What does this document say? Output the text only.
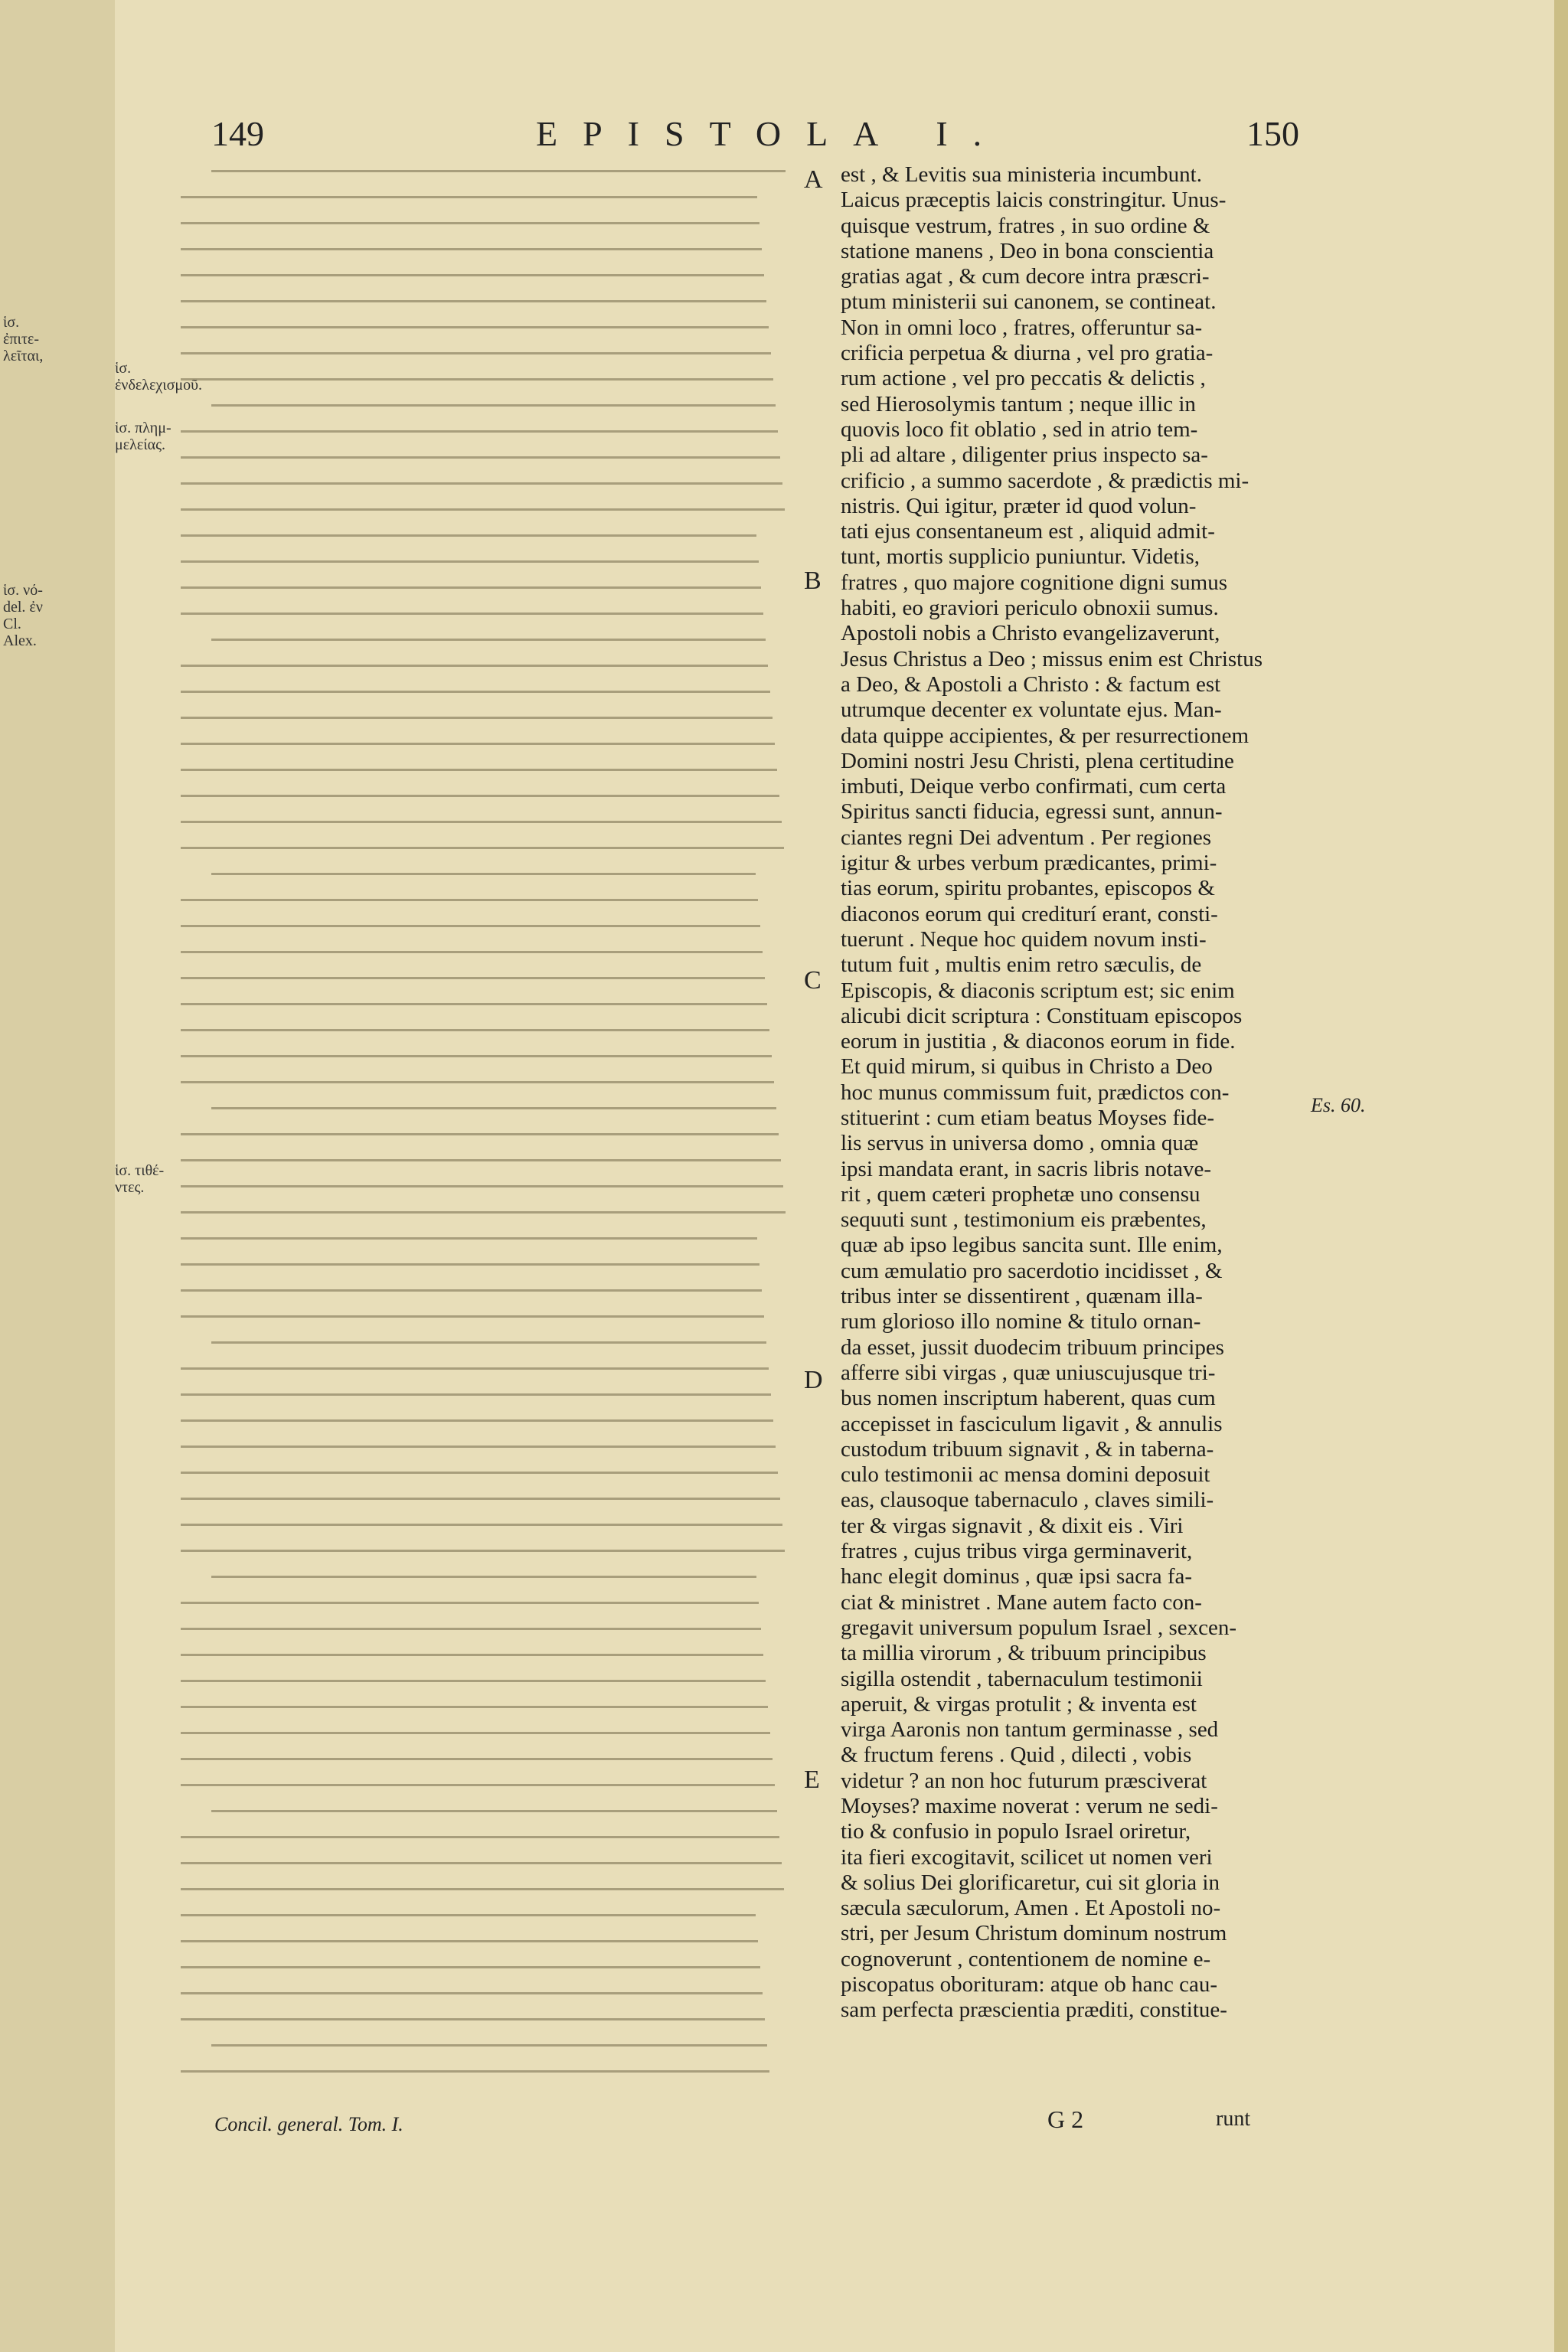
149	EPISTOLA I.	150
ἱσ. ἐνδελεχισμοῦ.
ἱσ. πλημ-μελείας.
ἱσ. τιθέ-ντες.
ἱσ. ἐπιτε-λεῖται,
ἱσ. νό-del. ἐν Cl. Alex.
A
B
C
D
E
est , & Levitis sua ministeria incumbunt.
Laicus præceptis laicis constringitur. Unus-
quisque vestrum, fratres , in suo ordine &
statione manens , Deo in bona conscientia
gratias agat , & cum decore intra præscri-
ptum ministerii sui canonem, se contineat.
Non in omni loco , fratres, offeruntur sa-
crificia perpetua & diurna , vel pro gratia-
rum actione , vel pro peccatis & delictis ,
sed Hierosolymis tantum ; neque illic in
quovis loco fit oblatio , sed in atrio tem-
pli ad altare , diligenter prius inspecto sa-
crificio , a summo sacerdote , & prædictis mi-
nistris. Qui igitur, præter id quod volun-
tati ejus consentaneum est , aliquid admit-
tunt, mortis supplicio puniuntur. Videtis,
fratres , quo majore cognitione digni sumus
habiti, eo graviori periculo obnoxii sumus.
Apostoli nobis a Christo evangelizaverunt,
Jesus Christus a Deo ; missus enim est Christus
a Deo, & Apostoli a Christo : & factum est
utrumque decenter ex voluntate ejus. Man-
data quippe accipientes, & per resurrectionem
Domini nostri Jesu Christi, plena certitudine
imbuti, Deique verbo confirmati, cum certa
Spiritus sancti fiducia, egressi sunt, annun-
ciantes regni Dei adventum . Per regiones
igitur & urbes verbum prædicantes, primi-
tias eorum, spiritu probantes, episcopos &
diaconos eorum qui crediturí erant, consti-
tuerunt . Neque hoc quidem novum insti-
tutum fuit , multis enim retro sæculis, de
Episcopis, & diaconis scriptum est; sic enim
alicubi dicit scriptura : Constituam episcopos
eorum in justitia , & diaconos eorum in fide.
Et quid mirum, si quibus in Christo a Deo
hoc munus commissum fuit, prædictos con-
stituerint : cum etiam beatus Moyses fide-
lis servus in universa domo , omnia quæ
ipsi mandata erant, in sacris libris notave-
rit , quem cæteri prophetæ uno consensu
sequuti sunt , testimonium eis præbentes,
quæ ab ipso legibus sancita sunt. Ille enim,
cum æmulatio pro sacerdotio incidisset , &
tribus inter se dissentirent , quænam illa-
rum glorioso illo nomine & titulo ornan-
da esset, jussit duodecim tribuum principes
afferre sibi virgas , quæ uniuscujusque tri-
bus nomen inscriptum haberent, quas cum
accepisset in fasciculum ligavit , & annulis
custodum tribuum signavit , & in taberna-
culo testimonii ac mensa domini deposuit
eas, clausoque tabernaculo , claves simili-
ter & virgas signavit , & dixit eis . Viri
fratres , cujus tribus virga germinaverit,
hanc elegit dominus , quæ ipsi sacra fa-
ciat & ministret . Mane autem facto con-
gregavit universum populum Israel , sexcen-
ta millia virorum , & tribuum principibus
sigilla ostendit , tabernaculum testimonii
aperuit, & virgas protulit ; & inventa est
virga Aaronis non tantum germinasse , sed
& fructum ferens . Quid , dilecti , vobis
videtur ? an non hoc futurum præsciverat
Moyses? maxime noverat : verum ne sedi-
tio & confusio in populo Israel oriretur,
ita fieri excogitavit, scilicet ut nomen veri
& solius Dei glorificaretur, cui sit gloria in
sæcula sæculorum, Amen . Et Apostoli no-
stri, per Jesum Christum dominum nostrum
cognoverunt , contentionem de nomine e-
piscopatus oborituram: atque ob hanc cau-
sam perfecta præscientia præditi, constitue-
Es. 60.
Concil. general. Tom. I.	G 2	runt
